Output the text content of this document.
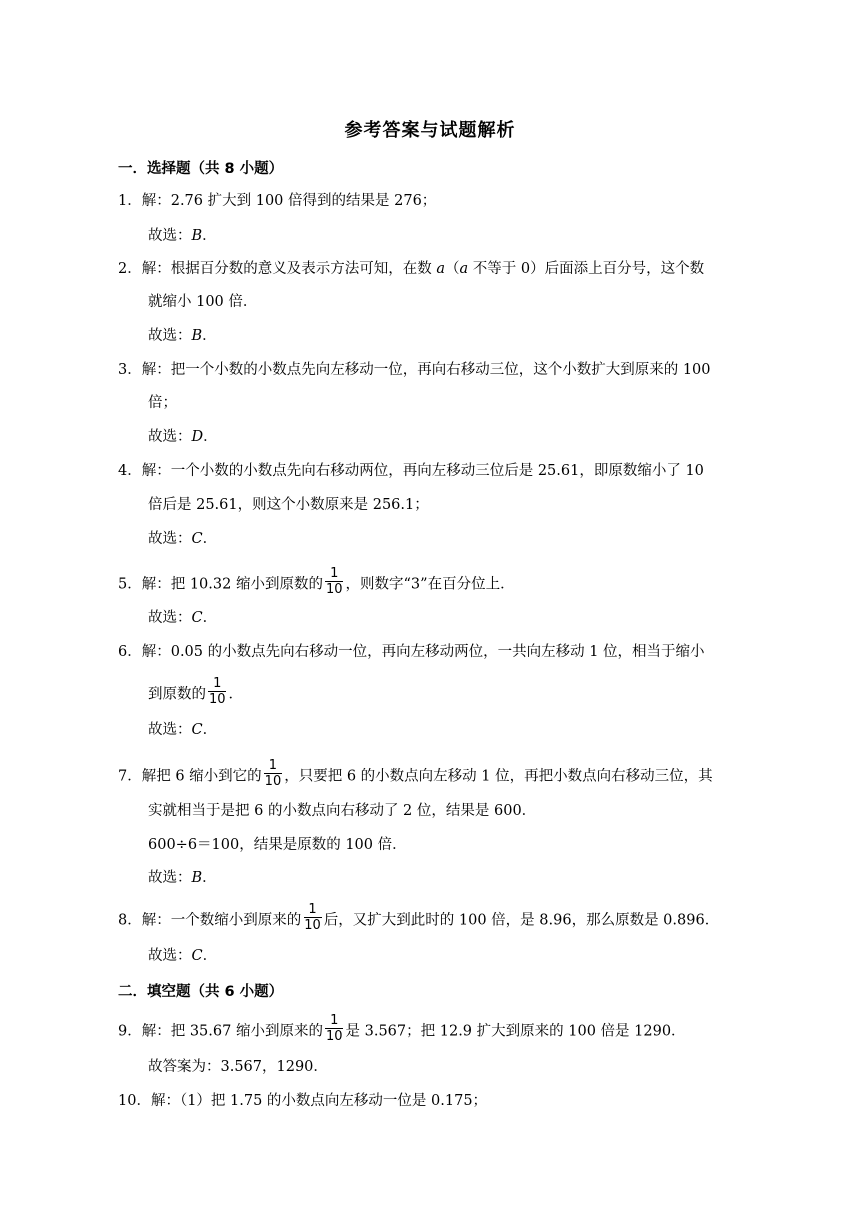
参考答案与试题解析
一．选择题（共 8 小题）
1．解：2.76 扩大到 100 倍得到的结果是 276；
故选：B．
2．解：根据百分数的意义及表示方法可知，在数 a（a 不等于 0）后面添上百分号，这个数
就缩小 100 倍．
故选：B．
3．解：把一个小数的小数点先向左移动一位，再向右移动三位，这个小数扩大到原来的 100
倍；
故选：D．
4．解：一个小数的小数点先向右移动两位，再向左移动三位后是 25.61，即原数缩小了 10
倍后是 25.61，则这个小数原来是 256.1；
故选：C．
5．解：把 10.32 缩小到原数的 $\frac{1}{10}$ ，则数字“3”在百分位上．
故选：C．
6．解：0.05 的小数点先向右移动一位，再向左移动两位，一共向左移动 1 位，相当于缩小
到原数的 $\frac{1}{10}$ ．
故选：C．
7．解把 6 缩小到它的 $\frac{1}{10}$ ，只要把 6 的小数点向左移动 1 位，再把小数点向右移动三位，其
实就相当于是把 6 的小数点向右移动了 2 位，结果是 600．
600÷6＝100，结果是原数的 100 倍．
故选：B．
8．解：一个数缩小到原来的 $\frac{1}{10}$ 后，又扩大到此时的 100 倍，是 8.96，那么原数是 0.896．
故选：C．
二．填空题（共 6 小题）
9．解：把 35.67 缩小到原来的 $\frac{1}{10}$ 是 3.567；把 12.9 扩大到原来的 100 倍是 1290．
故答案为：3.567，1290．
10．解：（1）把 1.75 的小数点向左移动一位是 0.175；
